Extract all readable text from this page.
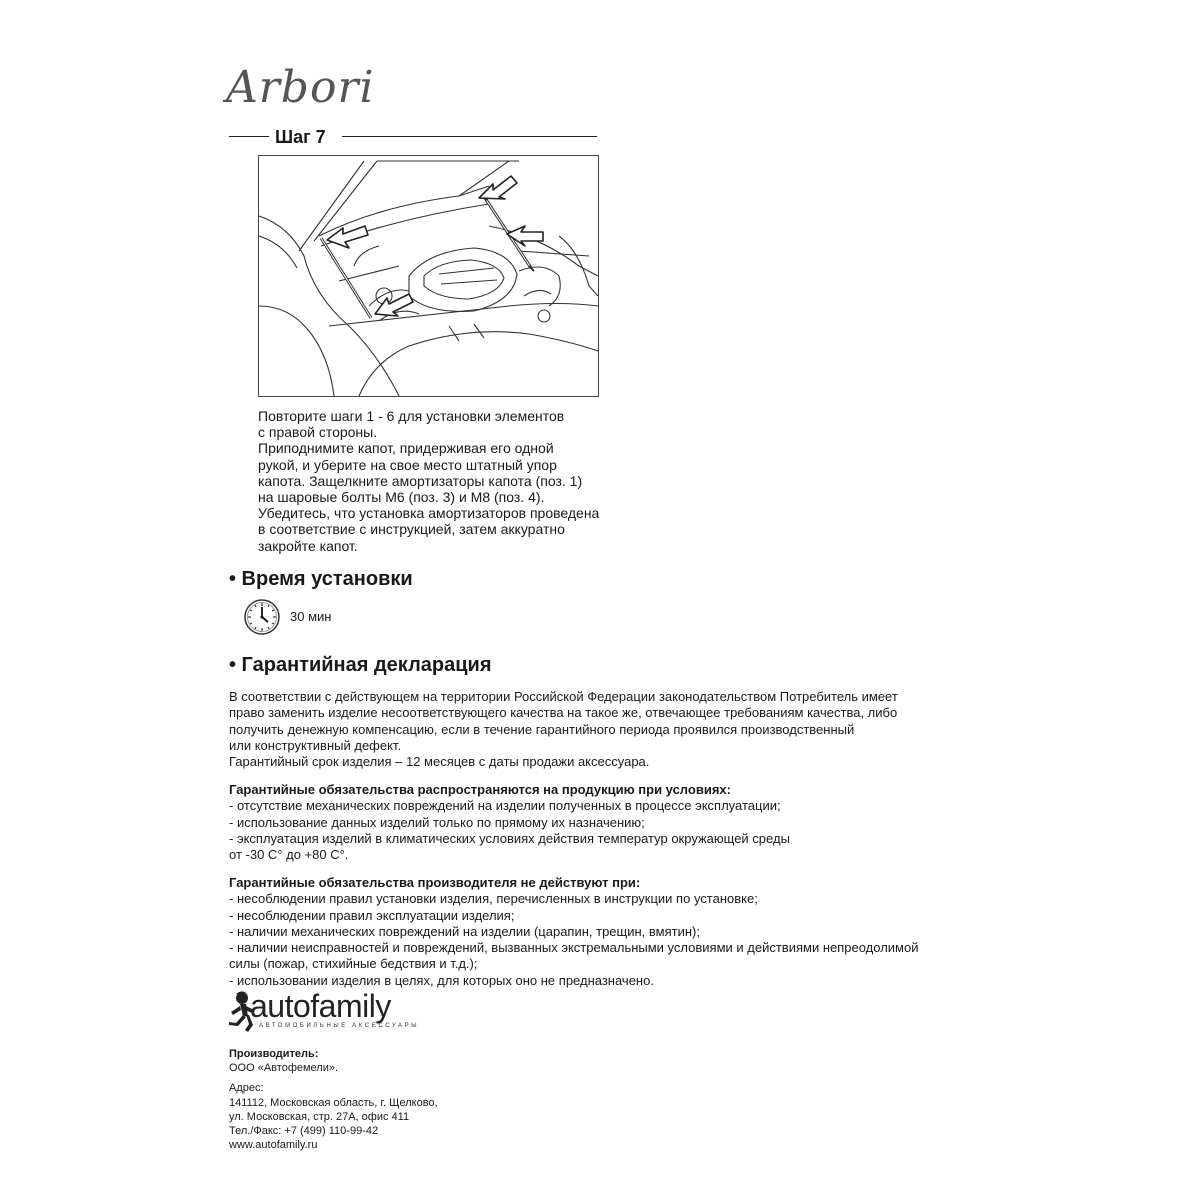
Arbori
Шаг 7
Повторите шаги 1 - 6 для установки элементов
с правой стороны.
Приподнимите капот, придерживая его одной
рукой, и уберите на свое место штатный упор
капота. Защелкните амортизаторы капота (поз. 1)
на шаровые болты М6 (поз. 3) и М8 (поз. 4).
Убедитесь, что установка амортизаторов проведена
в соответствие с инструкцией, затем аккуратно
закройте капот.
• Время установки
30 мин
• Гарантийная декларация
В соответствии с действующем на территории Российской Федерации законодательством Потребитель имеет
право заменить изделие несоответствующего качества на такое же, отвечающее требованиям качества, либо
получить денежную компенсацию, если в течение гарантийного периода проявился производственный
или конструктивный дефект.
Гарантийный срок изделия – 12 месяцев с даты продажи аксессуара.
Гарантийные обязательства распространяются на продукцию при условиях:
- отсутствие механических повреждений на изделии полученных в процессе эксплуатации;
- использование данных изделий только по прямому их назначению;
- эксплуатация изделий в климатических условиях действия температур окружающей среды
от -30 С° до +80 С°.
Гарантийные обязательства производителя не действуют при:
- несоблюдении правил установки изделия, перечисленных в инструкции по установке;
- несоблюдении правил эксплуатации изделия;
- наличии механических повреждений на изделии (царапин, трещин, вмятин);
- наличии неисправностей и повреждений, вызванных экстремальными условиями и действиями непреодолимой
силы (пожар, стихийные бедствия и т.д.);
- использовании изделия в целях, для которых оно не предназначено.
autofamily
АВТОМОБИЛЬНЫЕ АКСЕССУАРЫ
Производитель:
ООО «Автофемели».
Адрес:
141112, Московская область, г. Щелково,
ул. Московская, стр. 27А, офис 411
Тел./Факс: +7 (499) 110-99-42
www.autofamily.ru
